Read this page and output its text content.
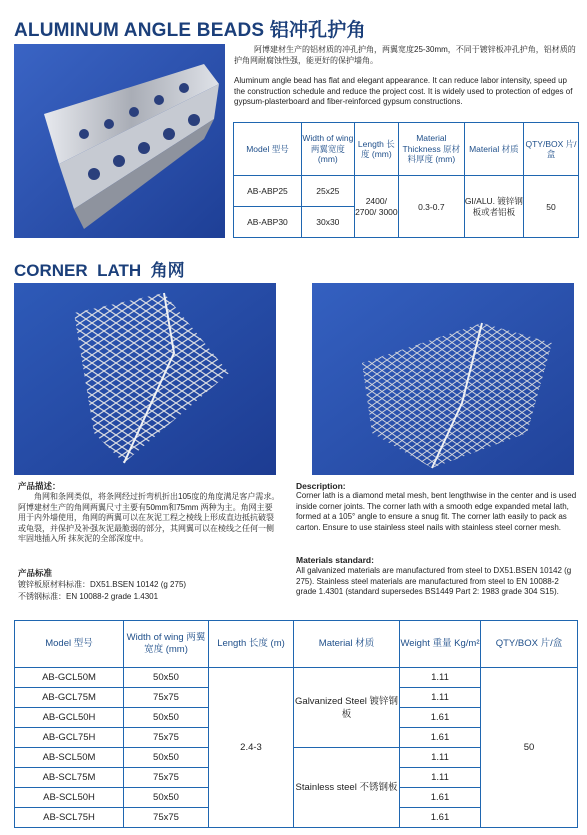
ALUMINUM ANGLE BEADS 铝冲孔护角
阿博建材生产的铝材质的冲孔护角，两翼宽度25-30mm，不同于镀锌板冲孔护角，铝材质的护角网耐腐蚀性强，能更好的保护墙角。
Aluminum angle bead has flat and elegant appearance. It can reduce labor intensity, speed up the construction schedule and reduce the project cost. It is widely used to protection of edges of gypsum-plasterboard and fiber-reinforced gypsum constructions.
Model 型号	Width of wing 两翼宽度 (mm)	Length 长度 (mm)	Material Thickness 原材料厚度 (mm)	Material 材质	QTY/BOX 片/盒
AB-ABP25	25x25	2400/ 2700/ 3000	0.3-0.7	GI/ALU. 镀锌钢板或者铝板	50
AB-ABP30	30x30				
CORNER  LATH  角网
产品描述：
角网和条网类似，将条网经过折弯机折出105度的角度满足客户需求。阿博建材生产的角网两翼尺寸主要有50mm和75mm 两种为主。角网主要用于内外墙使用，角网的两翼可以在灰泥工程之棱线上形成直边抵抗破裂或龟裂，并保护及补强灰泥最脆弱的部分，其网翼可以在棱线之任何一侧牢固地插入所 抹灰泥的全部深度中。
产品标准
镀锌板原材料标准：DX51.BSEN 10142 (g 275)
不锈钢标准：EN 10088-2 grade 1.4301
Description:
Corner lath is a diamond metal mesh, bent lengthwise in the center and is used inside corner joints. The corner lath with a smooth edge expanded metal lath, formed at a 105° angle to ensure a snug fit. The corner lath easily to pack as carton. Ensure to use stainless steel nails with stainless steel corner mesh.
Materials standard:
All galvanized materials are manufactured from steel to DX51.BSEN 10142 (g 275). Stainless steel materials are manufactured from steel to EN 10088-2 grade 1.4301 (standard supersedes BS1449 Part 2: 1983 grade 304 S15).
Model 型号	Width of wing 两翼宽度 (mm)	Length 长度 (m)	Material 材质	Weight 重量 Kg/m²	QTY/BOX 片/盒
AB-GCL50M	50x50	2.4-3	Galvanized Steel 镀锌钢板	1.11	50
AB-GCL75M	75x75			1.11	
AB-GCL50H	50x50			1.61	
AB-GCL75H	75x75			1.61	
AB-SCL50M	50x50		Stainless steel 不锈钢板	1.11	
AB-SCL75M	75x75			1.11	
AB-SCL50H	50x50			1.61	
AB-SCL75H	75x75			1.61	
